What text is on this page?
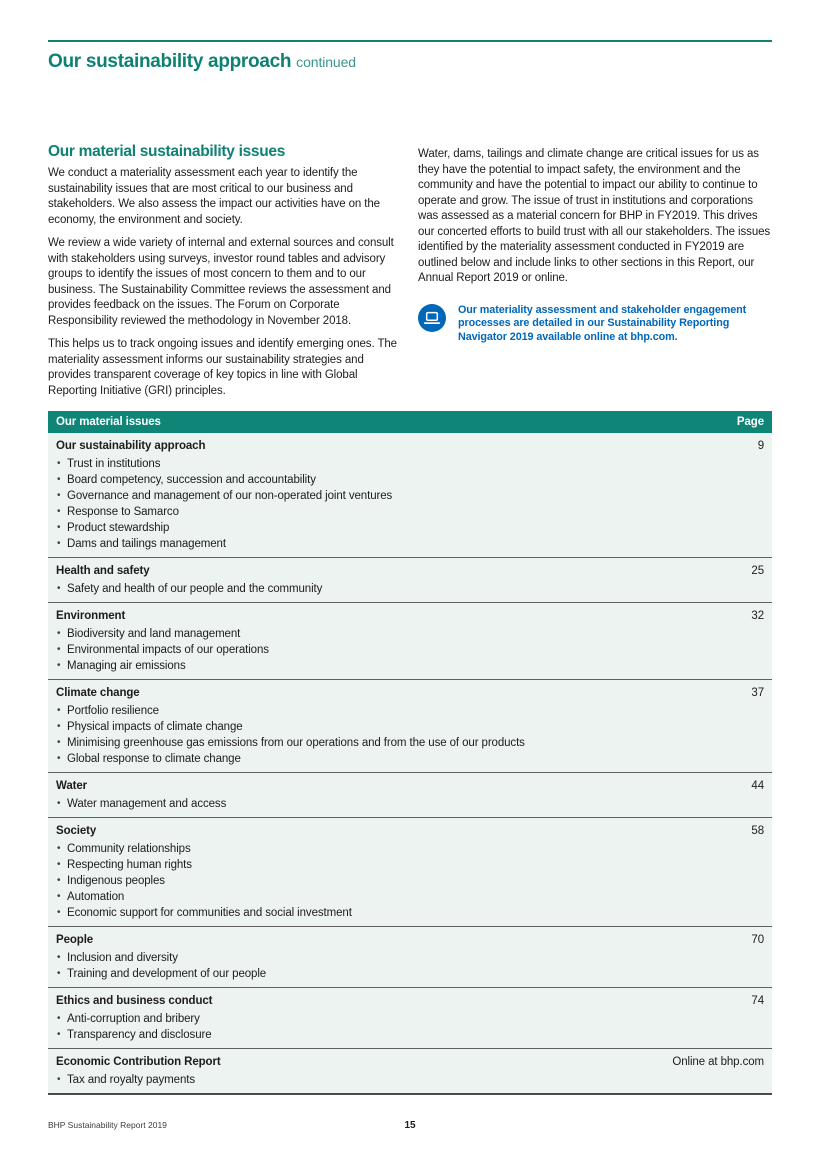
Our sustainability approach continued
Our material sustainability issues

We conduct a materiality assessment each year to identify the sustainability issues that are most critical to our business and stakeholders. We also assess the impact our activities have on the economy, the environment and society.

We review a wide variety of internal and external sources and consult with stakeholders using surveys, investor round tables and advisory groups to identify the issues of most concern to them and to our business. The Sustainability Committee reviews the assessment and provides feedback on the issues. The Forum on Corporate Responsibility reviewed the methodology in November 2018.

This helps us to track ongoing issues and identify emerging ones. The materiality assessment informs our sustainability strategies and provides transparent coverage of key topics in line with Global Reporting Initiative (GRI) principles.

Water, dams, tailings and climate change are critical issues for us as they have the potential to impact safety, the environment and the community and have the potential to impact our ability to continue to operate and grow. The issue of trust in institutions and corporations was assessed as a material concern for BHP in FY2019. This drives our concerted efforts to build trust with all our stakeholders. The issues identified by the materiality assessment conducted in FY2019 are outlined below and include links to other sections in this Report, our Annual Report 2019 or online.

Our materiality assessment and stakeholder engagement processes are detailed in our Sustainability Reporting Navigator 2019 available online at bhp.com.
Our material issues	Page
Our sustainability approach	9
• Trust in institutions
• Board competency, succession and accountability
• Governance and management of our non-operated joint ventures
• Response to Samarco
• Product stewardship
• Dams and tailings management
Health and safety	25
• Safety and health of our people and the community
Environment	32
• Biodiversity and land management
• Environmental impacts of our operations
• Managing air emissions
Climate change	37
• Portfolio resilience
• Physical impacts of climate change
• Minimising greenhouse gas emissions from our operations and from the use of our products
• Global response to climate change
Water	44
• Water management and access
Society	58
• Community relationships
• Respecting human rights
• Indigenous peoples
• Automation
• Economic support for communities and social investment
People	70
• Inclusion and diversity
• Training and development of our people
Ethics and business conduct	74
• Anti-corruption and bribery
• Transparency and disclosure
Economic Contribution Report	Online at bhp.com
• Tax and royalty payments
BHP Sustainability Report 2019	15
